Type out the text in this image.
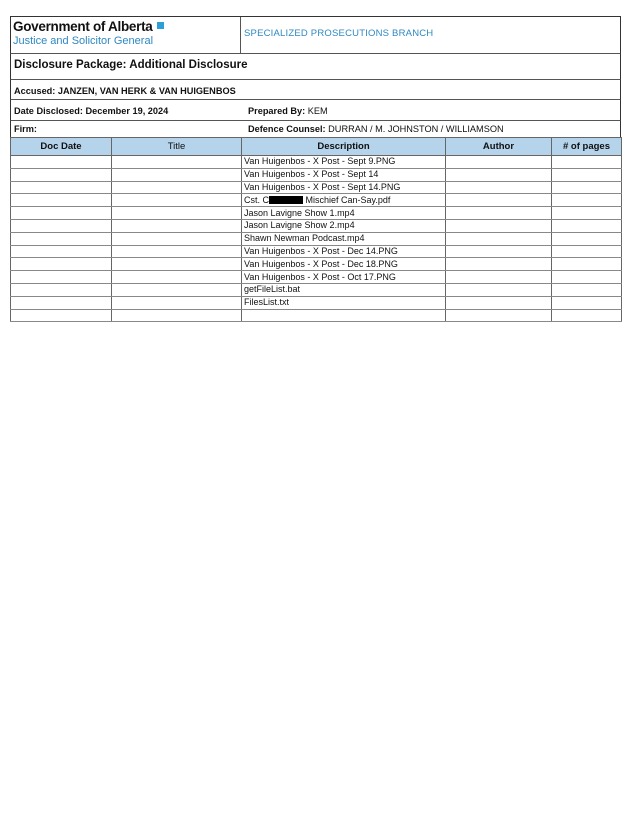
Government of Alberta
Justice and Solicitor General
SPECIALIZED PROSECUTIONS BRANCH
Disclosure Package: Additional Disclosure
Accused: JANZEN, VAN HERK & VAN HUIGENBOS
Date Disclosed: December 19, 2024	Prepared By: KEM
Firm:	Defence Counsel: DURRAN / M. JOHNSTON / WILLIAMSON
Doc Date	Title	Description	Author	# of pages
		Van Huigenbos - X Post - Sept 9.PNG		
		Van Huigenbos - X Post - Sept 14		
		Van Huigenbos - X Post - Sept 14.PNG		
		Cst. C Mischief Can-Say.pdf		
		Jason Lavigne Show 1.mp4		
		Jason Lavigne Show 2.mp4		
		Shawn Newman Podcast.mp4		
		Van Huigenbos - X Post - Dec 14.PNG		
		Van Huigenbos - X Post - Dec 18.PNG		
		Van Huigenbos - X Post - Oct 17.PNG		
		getFileList.bat		
		FilesList.txt		
